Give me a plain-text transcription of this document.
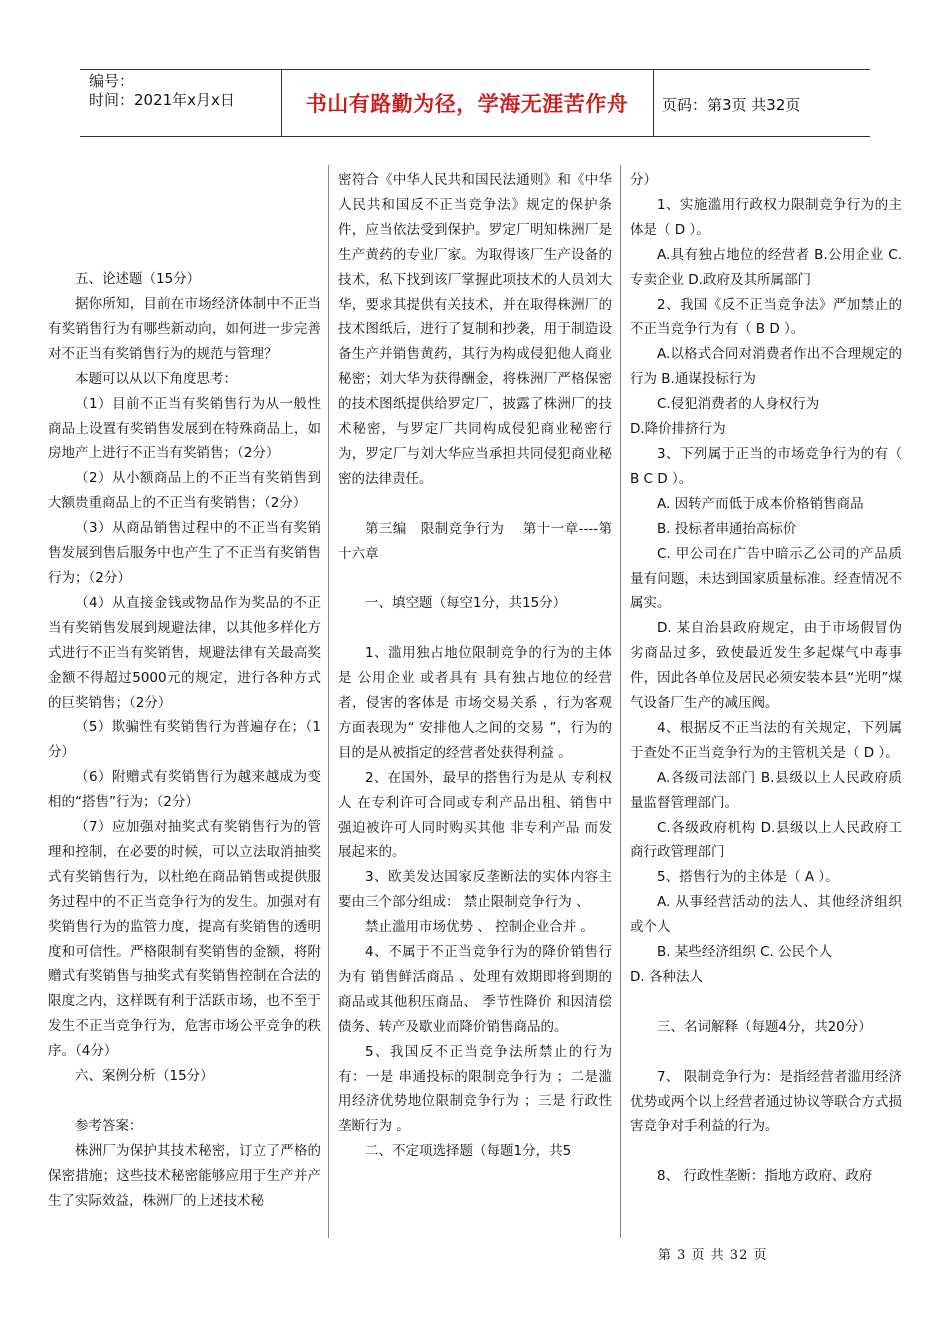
编号：
时间：2021年x月x日	书山有路勤为径，学海无涯苦作舟	页码：第3页 共32页

五、论述题（15分）

据你所知，目前在市场经济体制中不正当有奖销售行为有哪些新动向，如何进一步完善对不正当有奖销售行为的规范与管理？

本题可以从以下角度思考：

（1）目前不正当有奖销售行为从一般性商品上设置有奖销售发展到在特殊商品上，如房地产上进行不正当有奖销售；（2分）

（2）从小额商品上的不正当有奖销售到大额贵重商品上的不正当有奖销售；（2分）

（3）从商品销售过程中的不正当有奖销售发展到售后服务中也产生了不正当有奖销售行为；（2分）

（4）从直接金钱或物品作为奖品的不正当有奖销售发展到规避法律，以其他多样化方式进行不正当有奖销售，规避法律有关最高奖金额不得超过5000元的规定，进行各种方式的巨奖销售；（2分）

（5）欺骗性有奖销售行为普遍存在；（1分）

（6）附赠式有奖销售行为越来越成为变相的“搭售”行为；（2分）

（7）应加强对抽奖式有奖销售行为的管理和控制，在必要的时候，可以立法取消抽奖式有奖销售行为，以杜绝在商品销售或提供服务过程中的不正当竞争行为的发生。加强对有奖销售行为的监管力度，提高有奖销售的透明度和可信性。严格限制有奖销售的金额，将附赠式有奖销售与抽奖式有奖销售控制在合法的限度之内，这样既有利于活跃市场，也不至于发生不正当竞争行为，危害市场公平竞争的秩序。（4分）

六、案例分析（15分）

参考答案：

株洲厂为保护其技术秘密，订立了严格的保密措施；这些技术秘密能够应用于生产并产生了实际效益，株洲厂的上述技术秘

密符合《中华人民共和国民法通则》和《中华人民共和国反不正当竞争法》规定的保护条件，应当依法受到保护。罗定厂明知株洲厂是生产黄药的专业厂家。为取得该厂生产设备的技术，私下找到该厂掌握此项技术的人员刘大华，要求其提供有关技术，并在取得株洲厂的技术图纸后，进行了复制和抄袭，用于制造设备生产并销售黄药，其行为构成侵犯他人商业秘密；刘大华为获得酬金，将株洲厂严格保密的技术图纸提供给罗定厂，披露了株洲厂的技术秘密，与罗定厂共同构成侵犯商业秘密行为，罗定厂与刘大华应当承担共同侵犯商业秘密的法律责任。

第三编　限制竞争行为　 第十一章----第十六章

一、填空题（每空1分，共15分）

1、滥用独占地位限制竞争的行为的主体是 公用企业 或者具有 具有独占地位的经营者，侵害的客体是 市场交易关系 ，行为客观方面表现为“ 安排他人之间的交易 ”，行为的目的是从被指定的经营者处获得利益 。

2、在国外，最早的搭售行为是从 专利权人 在专利许可合同或专利产品出租、销售中强迫被许可人同时购买其他 非专利产品 而发展起来的。

3、欧美发达国家反垄断法的实体内容主要由三个部分组成： 禁止限制竞争行为 、

禁止滥用市场优势 、 控制企业合并 。

4、不属于不正当竞争行为的降价销售行为有 销售鲜活商品 、处理有效期即将到期的商品或其他积压商品、 季节性降价 和因清偿债务、转产及歇业而降价销售商品的。

5、我国反不正当竞争法所禁止的行为有：一是 串通投标的限制竞争行为 ；二是滥用经济优势地位限制竞争行为 ；三是 行政性垄断行为 。

二、不定项选择题（每题1分，共5

分）

1、实施滥用行政权力限制竞争行为的主体是（ D ）。

A.具有独占地位的经营者 B.公用企业 C.专卖企业 D.政府及其所属部门

2、我国《反不正当竞争法》严加禁止的不正当竞争行为有（ B D ）。

A.以格式合同对消费者作出不合理规定的行为 B.通谋投标行为

C.侵犯消费者的人身权行为

D.降价排挤行为

3、下列属于正当的市场竞争行为的有（ B C D ）。

A. 因转产而低于成本价格销售商品

B. 投标者串通抬高标价

C. 甲公司在广告中暗示乙公司的产品质量有问题，未达到国家质量标准。经查情况不属实。

D. 某自治县政府规定，由于市场假冒伪劣商品过多，致使最近发生多起煤气中毒事件，因此各单位及居民必须安装本县“光明”煤气设备厂生产的减压阀。

4、根据反不正当法的有关规定，下列属于查处不正当竞争行为的主管机关是（ D ）。

A.各级司法部门 B.县级以上人民政府质量监督管理部门。

C.各级政府机构 D.县级以上人民政府工商行政管理部门

5、搭售行为的主体是（ A ）。

A. 从事经营活动的法人、其他经济组织或个人

B. 某些经济组织 C. 公民个人

D. 各种法人

三、名词解释（每题4分，共20分）

7、 限制竞争行为：是指经营者滥用经济优势或两个以上经营者通过协议等联合方式损害竞争对手利益的行为。

8、 行政性垄断：指地方政府、政府

第 3 页 共 32 页
